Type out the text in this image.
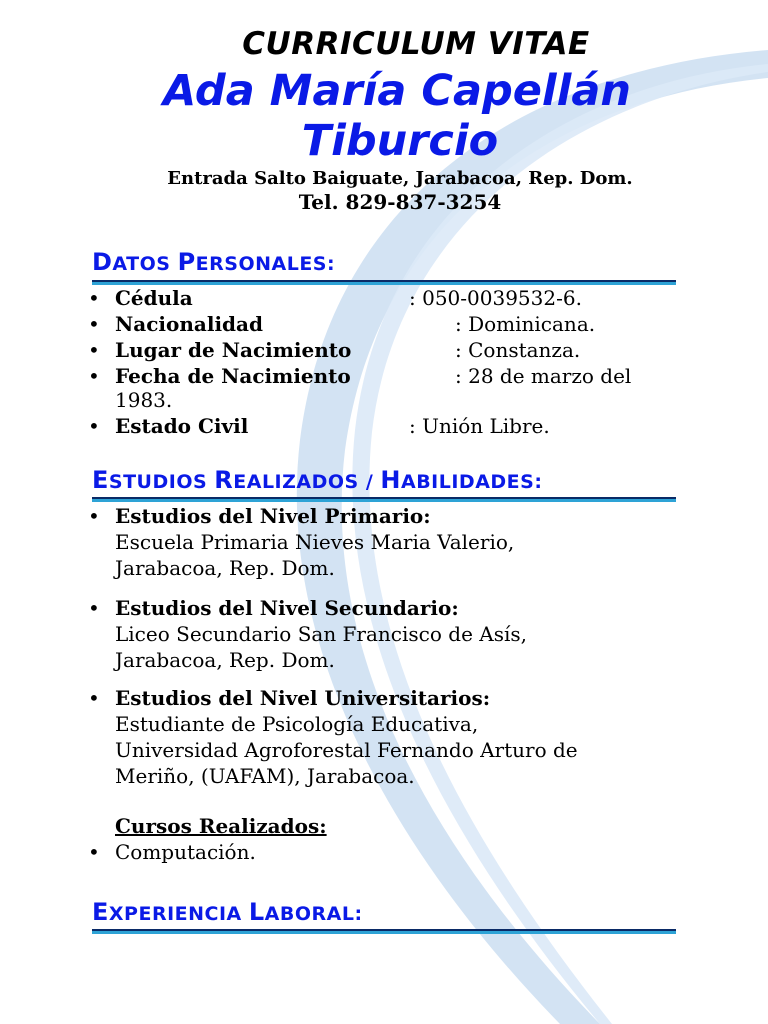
CURRICULUM VITAE
Ada María Capellán
Tiburcio
Entrada Salto Baiguate, Jarabacoa, Rep. Dom.
Tel. 829-837-3254
DATOS PERSONALES:
• Cédula	: 050-0039532-6.
• Nacionalidad	: Dominicana.
• Lugar de Nacimiento	: Constanza.
• Fecha de Nacimiento	: 28 de marzo del
1983.
• Estado Civil	: Unión Libre.
ESTUDIOS REALIZADOS / HABILIDADES:
• Estudios del Nivel Primario:
Escuela Primaria Nieves Maria Valerio,
Jarabacoa, Rep. Dom.
• Estudios del Nivel Secundario:
Liceo Secundario San Francisco de Asís,
Jarabacoa, Rep. Dom.
• Estudios del Nivel Universitarios:
Estudiante de Psicología Educativa,
Universidad Agroforestal Fernando Arturo de
Meriño, (UAFAM), Jarabacoa.
Cursos Realizados:
• Computación.
EXPERIENCIA LABORAL:
